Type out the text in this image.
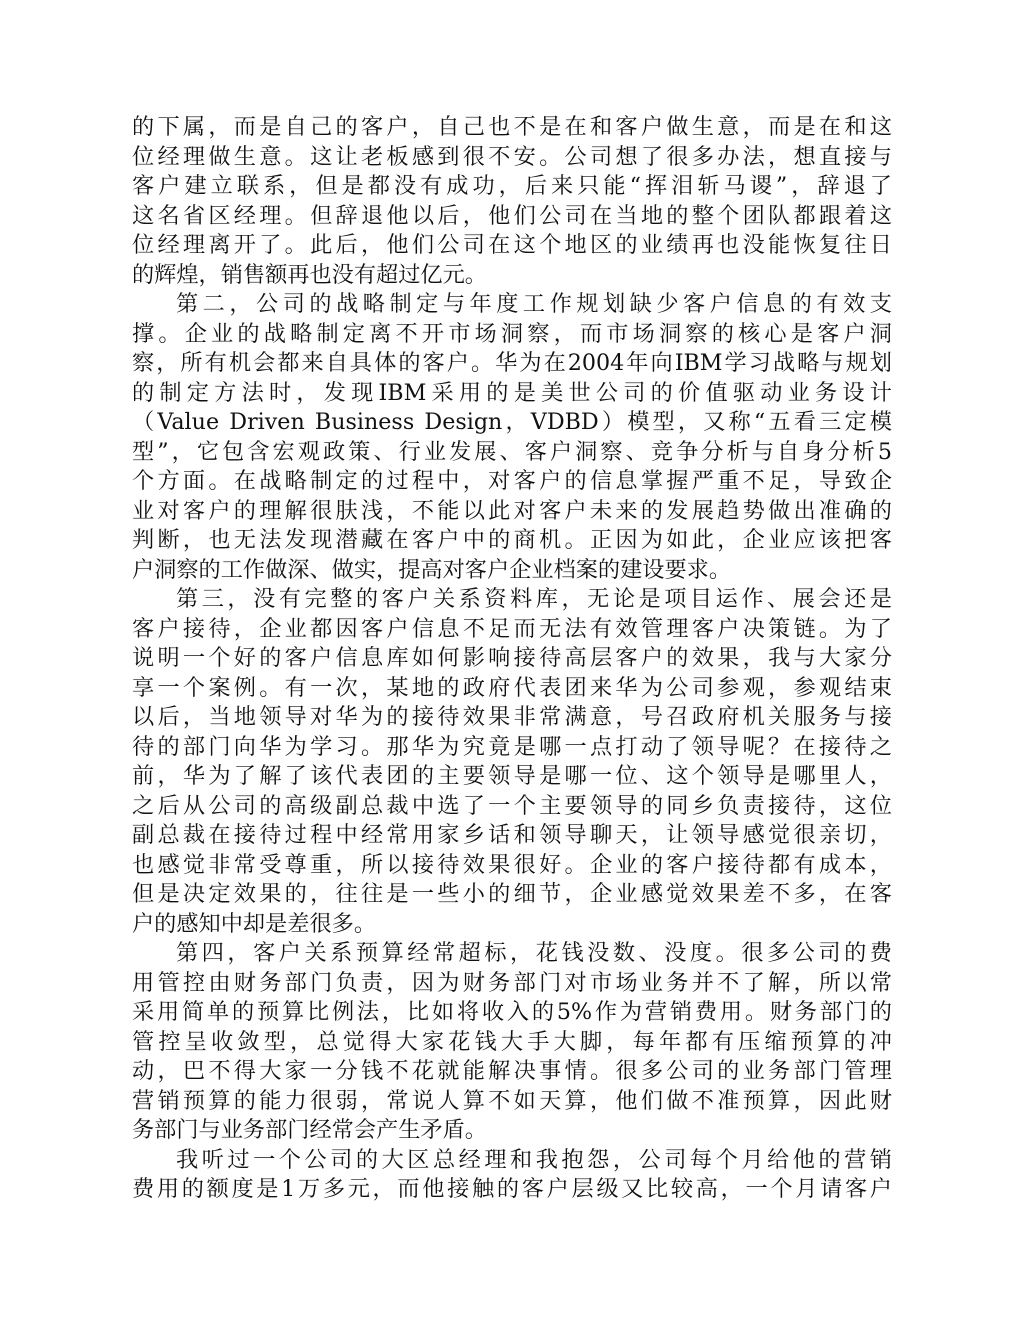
的下属，而是自己的客户，自己也不是在和客户做生意，而是在和这
位经理做生意。这让老板感到很不安。公司想了很多办法，想直接与
客户建立联系，但是都没有成功，后来只能“挥泪斩马谡”，辞退了
这名省区经理。但辞退他以后，他们公司在当地的整个团队都跟着这
位经理离开了。此后，他们公司在这个地区的业绩再也没能恢复往日
的辉煌，销售额再也没有超过亿元。
第二，公司的战略制定与年度工作规划缺少客户信息的有效支
撑。企业的战略制定离不开市场洞察，而市场洞察的核心是客户洞
察，所有机会都来自具体的客户。华为在2004年向IBM学习战略与规划
的制定方法时，发现IBM采用的是美世公司的价值驱动业务设计
（Value Driven Business Design，VDBD）模型，又称“五看三定模
型”，它包含宏观政策、行业发展、客户洞察、竞争分析与自身分析5
个方面。在战略制定的过程中，对客户的信息掌握严重不足，导致企
业对客户的理解很肤浅，不能以此对客户未来的发展趋势做出准确的
判断，也无法发现潜藏在客户中的商机。正因为如此，企业应该把客
户洞察的工作做深、做实，提高对客户企业档案的建设要求。
第三，没有完整的客户关系资料库，无论是项目运作、展会还是
客户接待，企业都因客户信息不足而无法有效管理客户决策链。为了
说明一个好的客户信息库如何影响接待高层客户的效果，我与大家分
享一个案例。有一次，某地的政府代表团来华为公司参观，参观结束
以后，当地领导对华为的接待效果非常满意，号召政府机关服务与接
待的部门向华为学习。那华为究竟是哪一点打动了领导呢？在接待之
前，华为了解了该代表团的主要领导是哪一位、这个领导是哪里人，
之后从公司的高级副总裁中选了一个主要领导的同乡负责接待，这位
副总裁在接待过程中经常用家乡话和领导聊天，让领导感觉很亲切，
也感觉非常受尊重，所以接待效果很好。企业的客户接待都有成本，
但是决定效果的，往往是一些小的细节，企业感觉效果差不多，在客
户的感知中却是差很多。
第四，客户关系预算经常超标，花钱没数、没度。很多公司的费
用管控由财务部门负责，因为财务部门对市场业务并不了解，所以常
采用简单的预算比例法，比如将收入的5%作为营销费用。财务部门的
管控呈收敛型，总觉得大家花钱大手大脚，每年都有压缩预算的冲
动，巴不得大家一分钱不花就能解决事情。很多公司的业务部门管理
营销预算的能力很弱，常说人算不如天算，他们做不准预算，因此财
务部门与业务部门经常会产生矛盾。
我听过一个公司的大区总经理和我抱怨，公司每个月给他的营销
费用的额度是1万多元，而他接触的客户层级又比较高，一个月请客户
